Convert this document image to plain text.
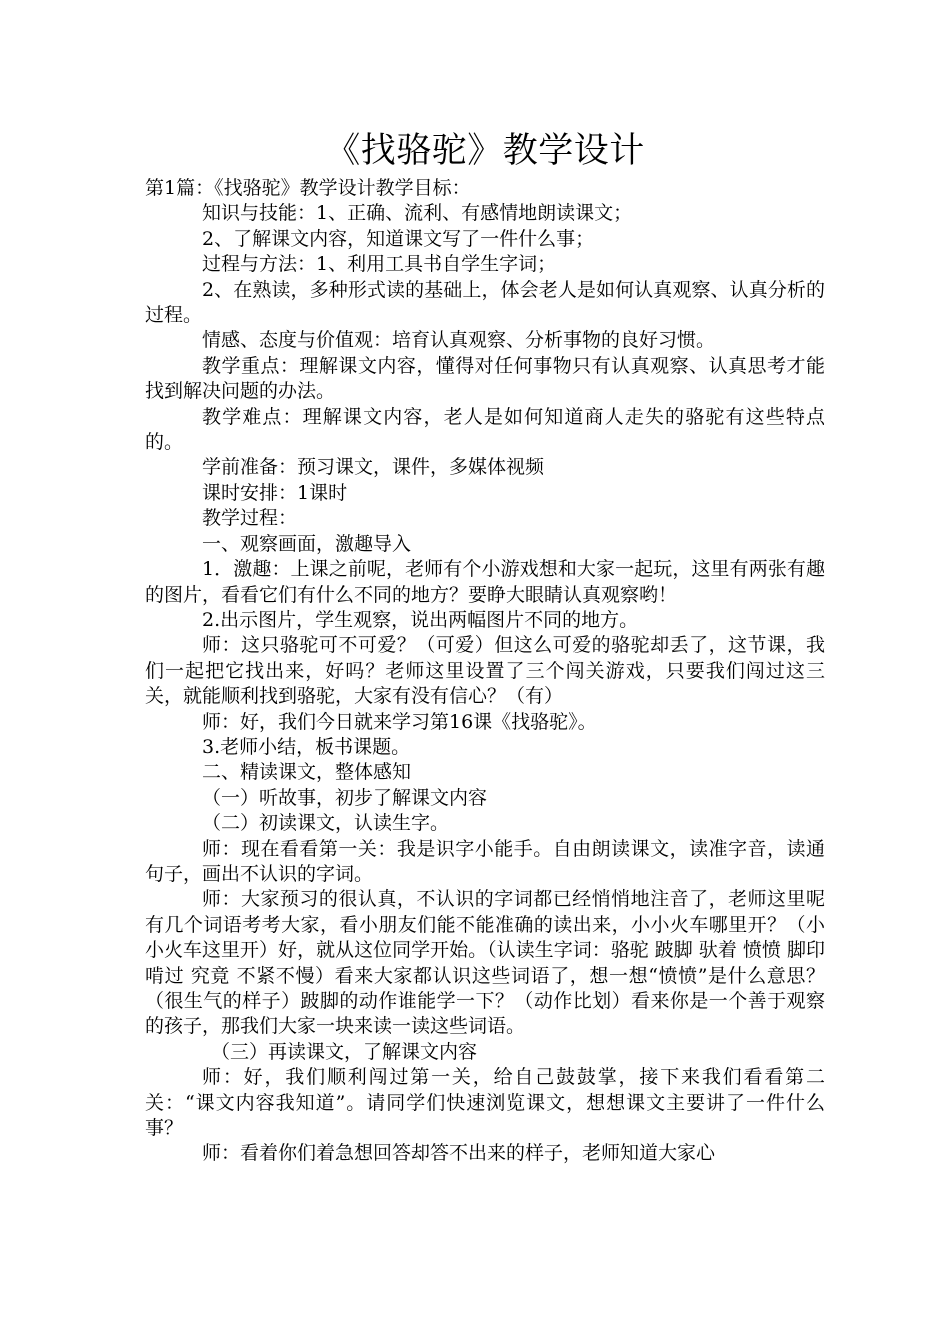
《找骆驼》教学设计

第1篇：《找骆驼》教学设计教学目标：

知识与技能：1、正确、流利、有感情地朗读课文；

2、了解课文内容，知道课文写了一件什么事；

过程与方法：1、利用工具书自学生字词；

2、在熟读，多种形式读的基础上，体会老人是如何认真观察、认真分析的过程。

情感、态度与价值观：培育认真观察、分析事物的良好习惯。

教学重点：理解课文内容，懂得对任何事物只有认真观察、认真思考才能找到解决问题的办法。

教学难点：理解课文内容，老人是如何知道商人走失的骆驼有这些特点的。

学前准备：预习课文，课件，多媒体视频

课时安排：1课时

教学过程：

一、观察画面，激趣导入

1．激趣：上课之前呢，老师有个小游戏想和大家一起玩，这里有两张有趣的图片，看看它们有什么不同的地方？要睁大眼睛认真观察哟！

2.出示图片，学生观察，说出两幅图片不同的地方。

师：这只骆驼可不可爱？（可爱）但这么可爱的骆驼却丢了，这节课，我们一起把它找出来，好吗？老师这里设置了三个闯关游戏，只要我们闯过这三关，就能顺利找到骆驼，大家有没有信心？（有）

师：好，我们今日就来学习第16课《找骆驼》。

3.老师小结，板书课题。

二、精读课文，整体感知

（一）听故事，初步了解课文内容

（二）初读课文，认读生字。

师：现在看看第一关：我是识字小能手。自由朗读课文，读准字音，读通句子，画出不认识的字词。

师：大家预习的很认真，不认识的字词都已经悄悄地注音了，老师这里呢有几个词语考考大家，看小朋友们能不能准确的读出来，小小火车哪里开？（小小火车这里开）好，就从这位同学开始。（认读生字词：骆驼 跛脚 驮着 愤愤 脚印 啃过 究竟 不紧不慢）看来大家都认识这些词语了，想一想“愤愤”是什么意思？（很生气的样子）跛脚的动作谁能学一下？（动作比划）看来你是一个善于观察的孩子，那我们大家一块来读一读这些词语。

（三）再读课文，了解课文内容

师：好，我们顺利闯过第一关，给自己鼓鼓掌，接下来我们看看第二关：“课文内容我知道”。请同学们快速浏览课文，想想课文主要讲了一件什么事？

师：看着你们着急想回答却答不出来的样子，老师知道大家心
